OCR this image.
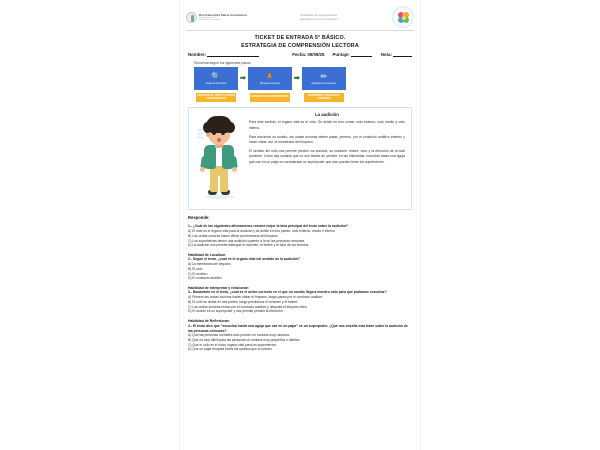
Red Educativa María Auxiliadora
Congregación CFS
Fundación Educacional
"Anclados en la esperanza,
peregrinos con los jóvenes".
TICKET DE ENTRADA 5° BÁSICO.
ESTRATEGIA DE COMPRENSIÓN LECTORA
Nombre:	Fecha: 05/09/25 Puntaje:	Nota:
Recuerda seguir los siguientes pasos:
🔍
Antes de la lectura
EXPLORAR EL TEXTO Y ACTIVAR CONOCIMIENTOS
➡ 🧍
Durante la lectura
SUBRAYAR IDEAS IMPORTANTES
➡	✏
Después de la lectura
RESPONDER Y REVISAR LO APRENDIDO
La audición
Para este sentido, el órgano vital es el oído. Se divide en tres zonas: oído externo, oído medio y oído interno.
Para escuchar un sonido, las ondas sonoras deben pasar, primero, por el conducto auditivo externo y hacer vibrar, así, la membrana del tímpano.
El sentido del oído nos permite percibir los sonidos, su volumen, timbre, tono y la dirección de la cual proviene. Como hay sonidos que no son fáciles de percibir, en las historietas, escuchar hasta una aguja que cae en un pajar es considerado un superpoder que sólo pueden tener los superhéroes.
Responde:
1.- ¿Cuál de las siguientes afirmaciones resume mejor la idea principal del texto sobre la audición?
A) El oído es el órgano vital para la audición y se divide en tres partes: oído externo, medio e interno.
B) Las ondas sonoras hacen vibrar la membrana del tímpano.
C) Los superhéroes tienen una audición superior a la de las personas normales.
D) La audición nos permite distinguir el volumen, el timbre y el tono de los sonidos.
Habilidad de Localizar:
2.- Según el texto, ¿cuál es el órgano vital del sentido de la audición?
A) La membrana del tímpano
B) El oído
C) El cerebro
D) El conducto auditivo
Habilidad de Interpretar y relacionar:
3.- Basándote en el texto, ¿cuál es el orden correcto en el que un sonido llega a nuestro oído para que podamos escuchar?
A) Primero las ondas sonoras hacen vibrar el tímpano, luego pasan por el conducto auditivo.
B) El oído se divide en tres partes, luego percibimos el volumen y el timbre.
C) Las ondas sonoras entran por el conducto auditivo y después el tímpano vibra.
D) El sonido es un superpoder y nos permite percibir la dirección.
Habilidad de Reflexionar:
4.- El texto dice que "escuchar hasta una aguja que cae en un pajar" es un superpoder. ¿Qué nos enseña esta frase sobre la audición de las personas comunes?
A) Que las personas normales sólo pueden oír sonidos muy ruidosos.
B) Que es muy difícil para las personas oír sonidos muy pequeños o débiles.
C) Que el oído es el único órgano vital para los superhéroes.
D) Que un pajar bloquea todos los sonidos que lo rodean.
